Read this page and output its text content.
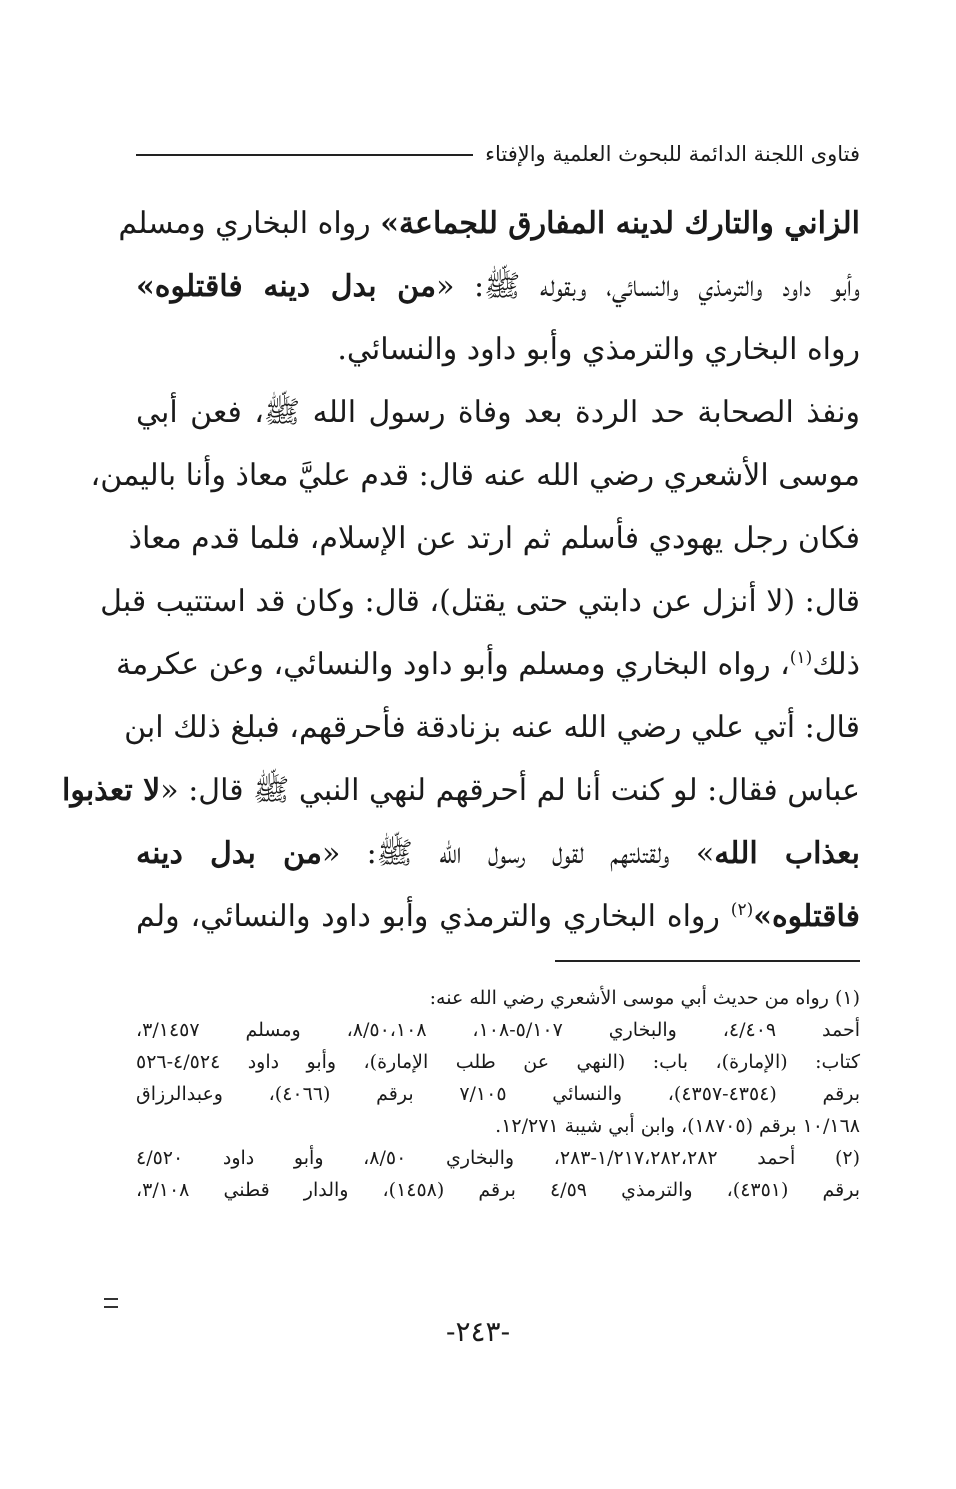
فتاوى اللجنة الدائمة للبحوث العلمية والإفتاء
الزاني والتارك لدينه المفارق للجماعة» رواه البخاري ومسلم
وأبو داود والترمذي والنسائي، وبقوله ﷺ: «من بدل دينه فاقتلوه»
رواه البخاري والترمذي وأبو داود والنسائي.
ونفذ الصحابة حد الردة بعد وفاة رسول الله ﷺ، فعن أبي
موسى الأشعري رضي الله عنه قال: قدم عليَّ معاذ وأنا باليمن،
فكان رجل يهودي فأسلم ثم ارتد عن الإسلام، فلما قدم معاذ
قال: (لا أنزل عن دابتي حتى يقتل)، قال: وكان قد استتيب قبل
ذلك$^{(١)}$، رواه البخاري ومسلم وأبو داود والنسائي، وعن عكرمة
قال: أتي علي رضي الله عنه بزنادقة فأحرقهم، فبلغ ذلك ابن
عباس فقال: لو كنت أنا لم أحرقهم لنهي النبي ﷺ قال: «لا تعذبوا
بعذاب الله» ولقتلتهم لقول رسول الله ﷺ: «من بدل دينه
فاقتلوه»$^{(٢)}$ رواه البخاري والترمذي وأبو داود والنسائي، ولم
(١) رواه من حديث أبي موسى الأشعري رضي الله عنه:
أحمد ٤/٤٠٩، والبخاري ٥/١٠٧-١٠٨، ٨/٥٠،١٠٨، ومسلم ٣/١٤٥٧،
كتاب: (الإمارة)، باب: (النهي عن طلب الإمارة)، وأبو داود ٤/٥٢٤-٥٢٦
برقم (٤٣٥٤-٤٣٥٧)، والنسائي ٧/١٠٥ برقم (٤٠٦٦)، وعبدالرزاق
١٠/١٦٨ برقم (١٨٧٠٥)، وابن أبي شيبة ١٢/٢٧١.
(٢) أحمد ١/٢١٧،٢٨٢،٢٨٢-٢٨٣، والبخاري ٨/٥٠، وأبو داود ٤/٥٢٠
برقم (٤٣٥١)، والترمذي ٤/٥٩ برقم (١٤٥٨)، والدار قطني ٣/١٠٨،
-٢٤٣-
